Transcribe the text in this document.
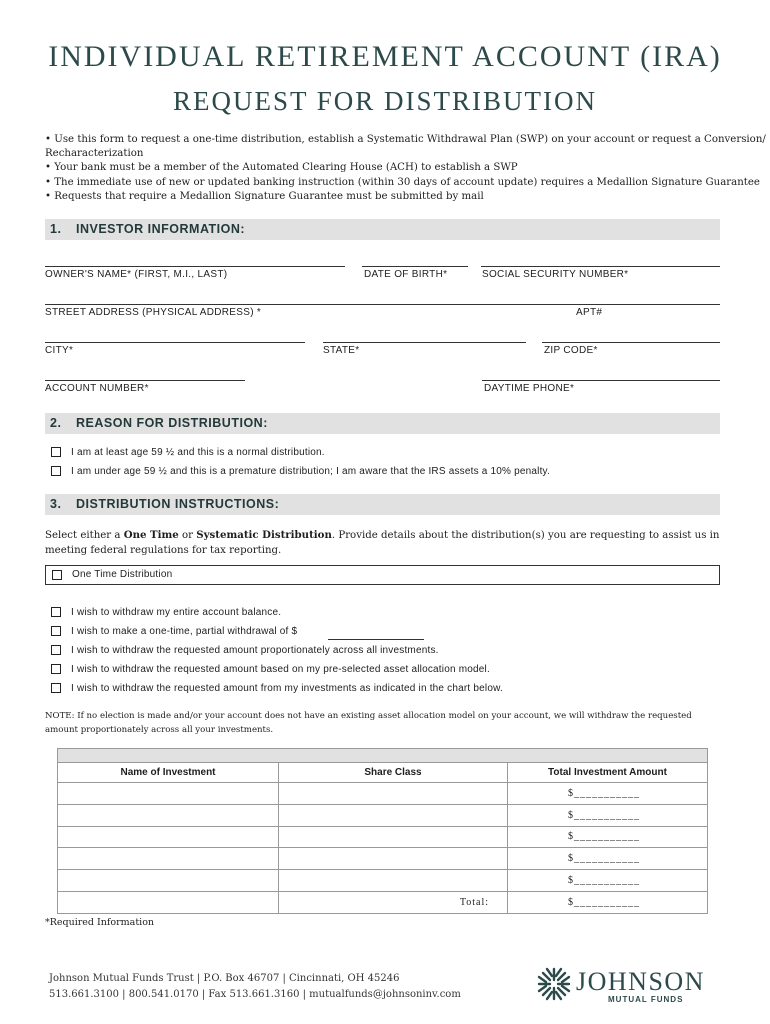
INDIVIDUAL RETIREMENT ACCOUNT (IRA)
REQUEST FOR DISTRIBUTION
• Use this form to request a one-time distribution, establish a Systematic Withdrawal Plan (SWP) on your account or request a Conversion/
Recharacterization
• Your bank must be a member of the Automated Clearing House (ACH) to establish a SWP
• The immediate use of new or updated banking instruction (within 30 days of account update) requires a Medallion Signature Guarantee
• Requests that require a Medallion Signature Guarantee must be submitted by mail
1. INVESTOR INFORMATION:
OWNER'S NAME* (FIRST, M.I., LAST)	DATE OF BIRTH*	SOCIAL SECURITY NUMBER*
STREET ADDRESS (PHYSICAL ADDRESS) *	APT#
CITY*	STATE*	ZIP CODE*
ACCOUNT NUMBER*	DAYTIME PHONE*
2. REASON FOR DISTRIBUTION:
I am at least age 59 ½ and this is a normal distribution.
I am under age 59 ½ and this is a premature distribution; I am aware that the IRS assets a 10% penalty.
3. DISTRIBUTION INSTRUCTIONS:
Select either a One Time or Systematic Distribution. Provide details about the distribution(s) you are requesting to assist us in meeting federal regulations for tax reporting.
One Time Distribution
I wish to withdraw my entire account balance.
I wish to make a one-time, partial withdrawal of $
I wish to withdraw the requested amount proportionately across all investments.
I wish to withdraw the requested amount based on my pre-selected asset allocation model.
I wish to withdraw the requested amount from my investments as indicated in the chart below.
NOTE: If no election is made and/or your account does not have an existing asset allocation model on your account, we will withdraw the requested amount proportionately across all your investments.

Name of Investment	Share Class	Total Investment Amount
		$___________
		$___________
		$___________
		$___________
		$___________
	Total:	$___________
*Required Information
Johnson Mutual Funds Trust | P.O. Box 46707 | Cincinnati, OH 45246
513.661.3100 | 800.541.0170 | Fax 513.661.3160 | mutualfunds@johnsoninv.com	JOHNSON
MUTUAL FUNDS
